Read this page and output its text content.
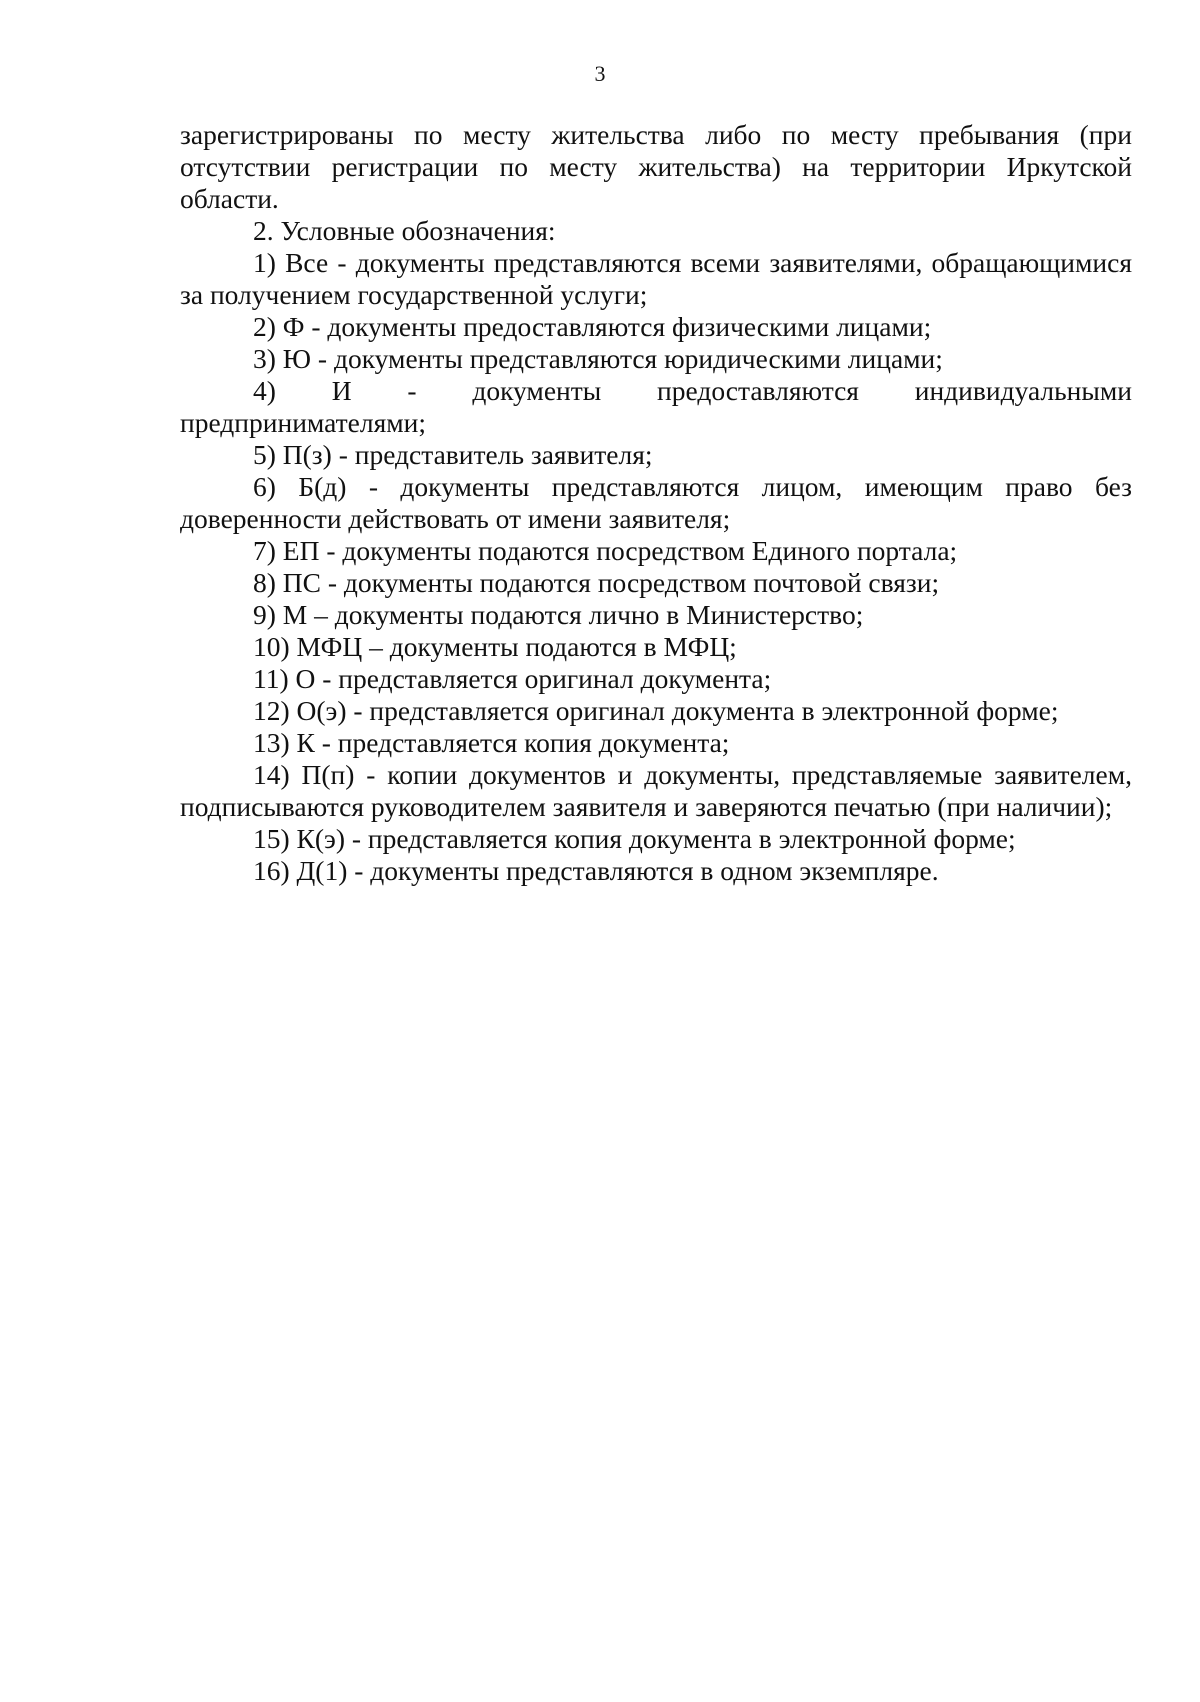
3

зарегистрированы по месту жительства либо по месту пребывания (при отсутствии регистрации по месту жительства) на территории Иркутской области.

2. Условные обозначения:

1) Все - документы представляются всеми заявителями, обращающимися за получением государственной услуги;

2) Ф - документы предоставляются физическими лицами;

3) Ю - документы представляются юридическими лицами;

4) И - документы предоставляются индивидуальными предпринимателями;

5) П(з) - представитель заявителя;

6) Б(д) - документы представляются лицом, имеющим право без доверенности действовать от имени заявителя;

7) ЕП - документы подаются посредством Единого портала;

8) ПС - документы подаются посредством почтовой связи;

9) М – документы подаются лично в Министерство;

10) МФЦ – документы подаются в МФЦ;

11) О - представляется оригинал документа;

12) О(э) - представляется оригинал документа в электронной форме;

13) К - представляется копия документа;

14) П(п) - копии документов и документы, представляемые заявителем, подписываются руководителем заявителя и заверяются печатью (при наличии);

15) К(э) - представляется копия документа в электронной форме;

16) Д(1) - документы представляются в одном экземпляре.
